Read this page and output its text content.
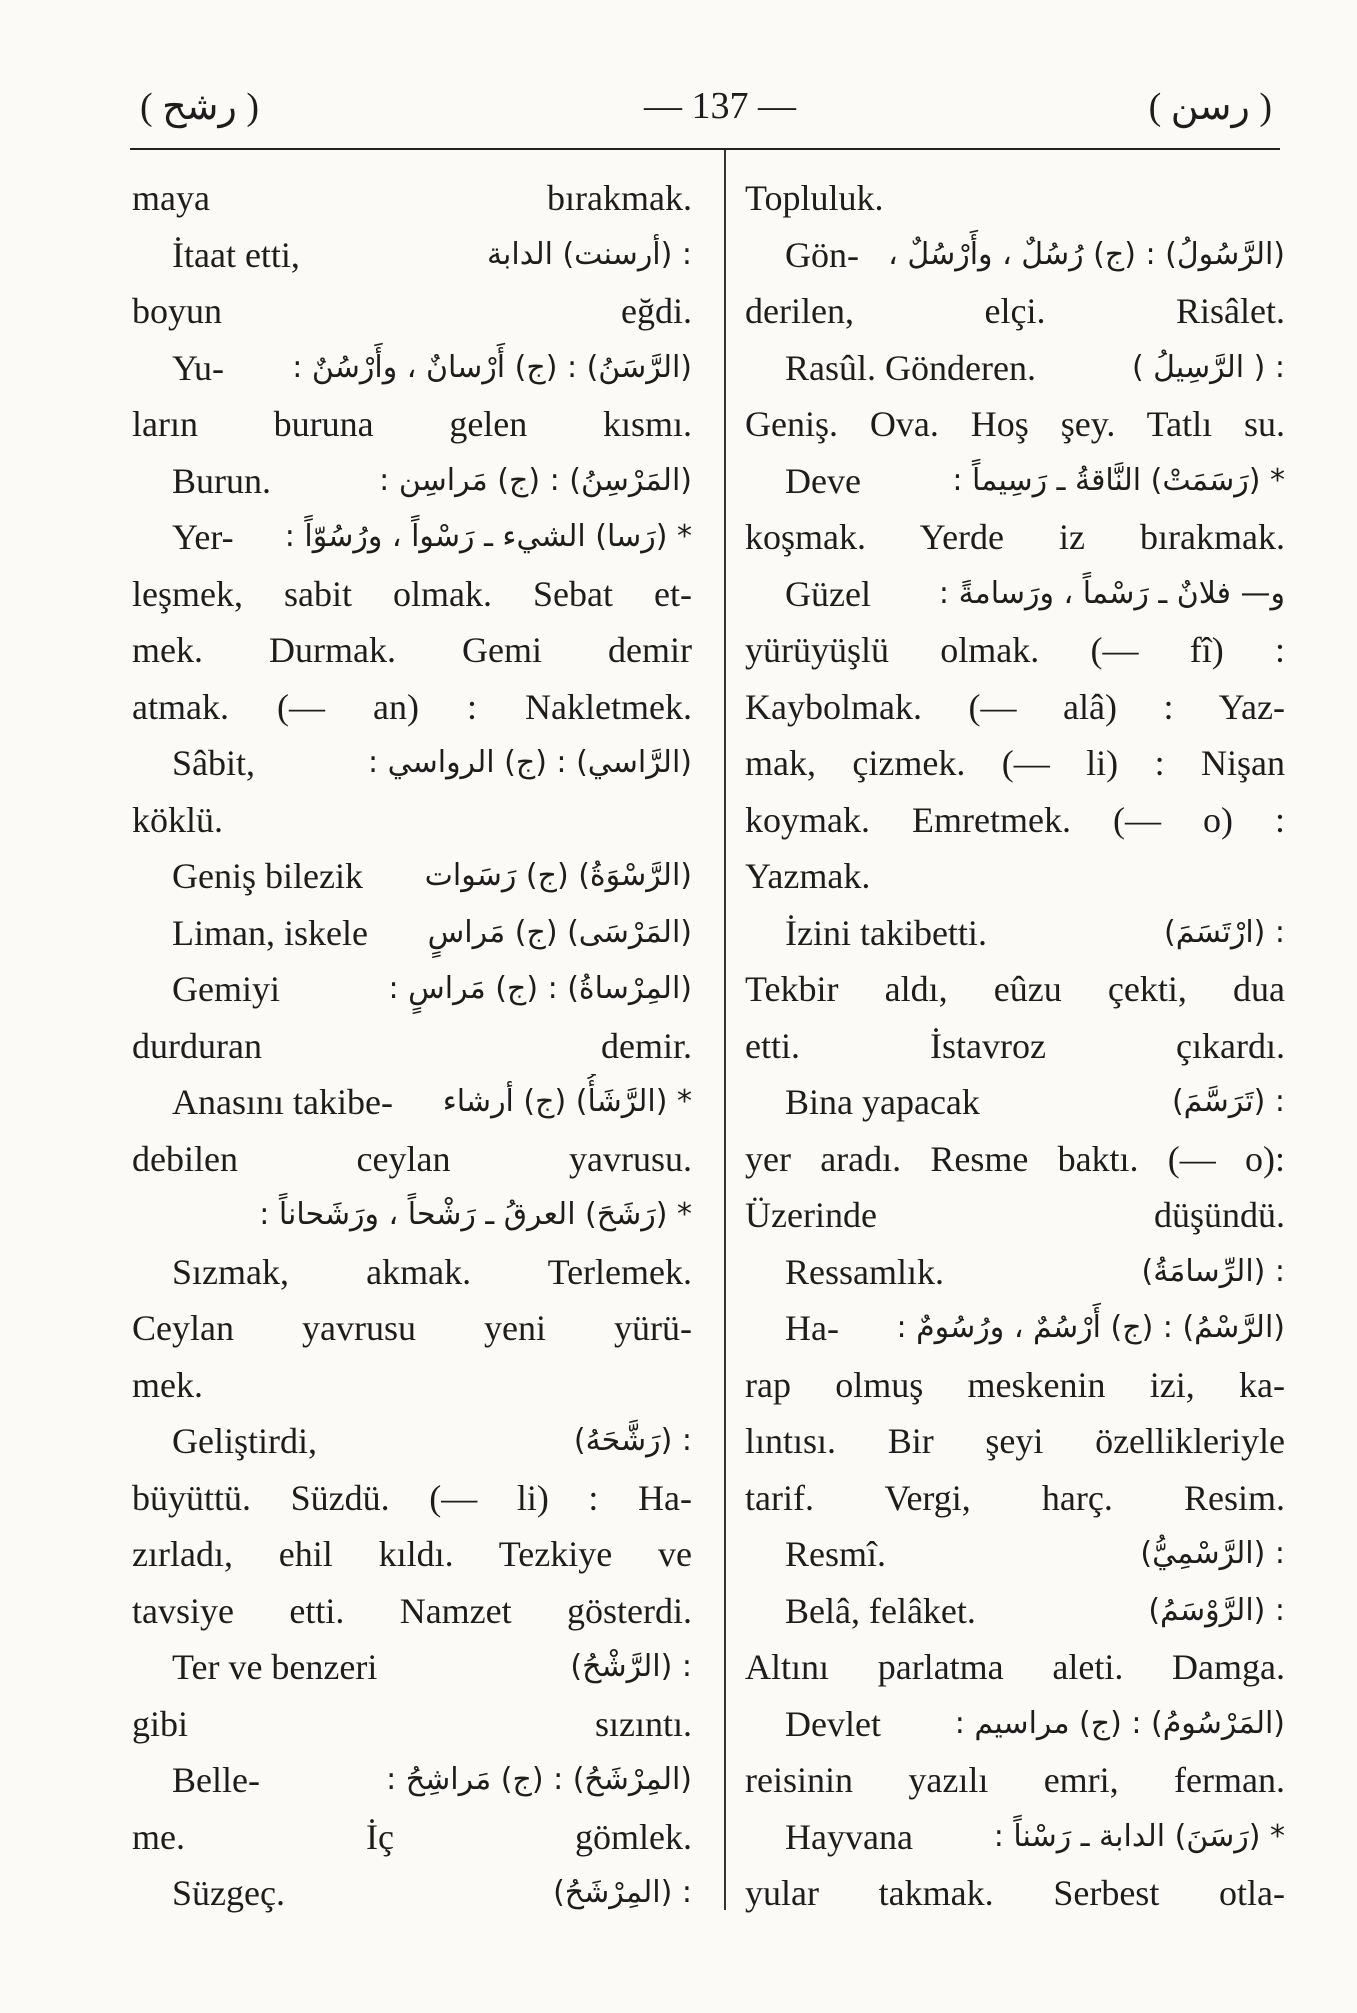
( رشح )	— 137 —	( رسن )
maya bırakmak.
İtaat etti,	: (أرسنت) الدابة
boyun eğdi.
Yu- (الرَّسَنُ) : (ج) أَرْسانٌ ، وأَرْسُنٌ :
ların buruna gelen kısmı.
Burun.	(المَرْسِنُ) : (ج) مَراسِن :
Yer- * (رَسا) الشيء ـ رَسْواً ، ورُسُوّاً :
leşmek, sabit olmak. Sebat et-
mek. Durmak. Gemi demir
atmak. (— an) : Nakletmek.
Sâbit,	(الرَّاسي) : (ج) الرواسي :
köklü.
Geniş bilezik (الرَّسْوَةُ) (ج) رَسَوات
Liman, iskele (المَرْسَى) (ج) مَراسٍ
Gemiyi	(المِرْساةُ) : (ج) مَراسٍ :
durduran demir.
Anasını takibe- * (الرَّشَأُ) (ج) أرشاء
debilen ceylan yavrusu.
* (رَشَحَ) العرقُ ـ رَشْحاً ، ورَشَحاناً :
Sızmak, akmak. Terlemek.
Ceylan yavrusu yeni yürü-
mek.
Geliştirdi,	: (رَشَّحَهُ)
büyüttü. Süzdü. (— li) : Ha-
zırladı, ehil kıldı. Tezkiye ve
tavsiye etti. Namzet gösterdi.
Ter ve benzeri	: (الرَّشْحُ)
gibi sızıntı.
Belle-	(المِرْشَحُ) : (ج) مَراشِحُ :
me. İç gömlek.
Süzgeç.	: (المِرْشَحُ)
Topluluk.
Gön- (الرَّسُولُ) : (ج) رُسُلٌ ، وأَرْسُلٌ ،
derilen, elçi. Risâlet.
Rasûl. Gönderen.	: ( الرَّسِيلُ )
Geniş. Ova. Hoş şey. Tatlı su.
Deve	* (رَسَمَتْ) النَّاقةُ ـ رَسِيماً :
koşmak. Yerde iz bırakmak.
Güzel و— فلانٌ ـ رَسْماً ، ورَسامةً :
yürüyüşlü olmak. (— fî) :
Kaybolmak. (— alâ) : Yaz-
mak, çizmek. (— li) : Nişan
koymak. Emretmek. (— o) :
Yazmak.
İzini takibetti.	: (ارْتَسَمَ)
Tekbir aldı, eûzu çekti, dua
etti. İstavroz çıkardı.
Bina yapacak	: (تَرَسَّمَ)
yer aradı. Resme baktı. (— o):
Üzerinde düşündü.
Ressamlık.	: (الرِّسامَةُ)
Ha- (الرَّسْمُ) : (ج) أَرْسُمٌ ، ورُسُومٌ :
rap olmuş meskenin izi, ka-
lıntısı. Bir şeyi özellikleriyle
tarif. Vergi, harç. Resim.
Resmî.	: (الرَّسْمِيُّ)
Belâ, felâket.	: (الرَّوْسَمُ)
Altını parlatma aleti. Damga.
Devlet (المَرْسُومُ) : (ج) مراسيم :
reisinin yazılı emri, ferman.
Hayvana	* (رَسَنَ) الدابة ـ رَسْناً :
yular takmak. Serbest otla-
